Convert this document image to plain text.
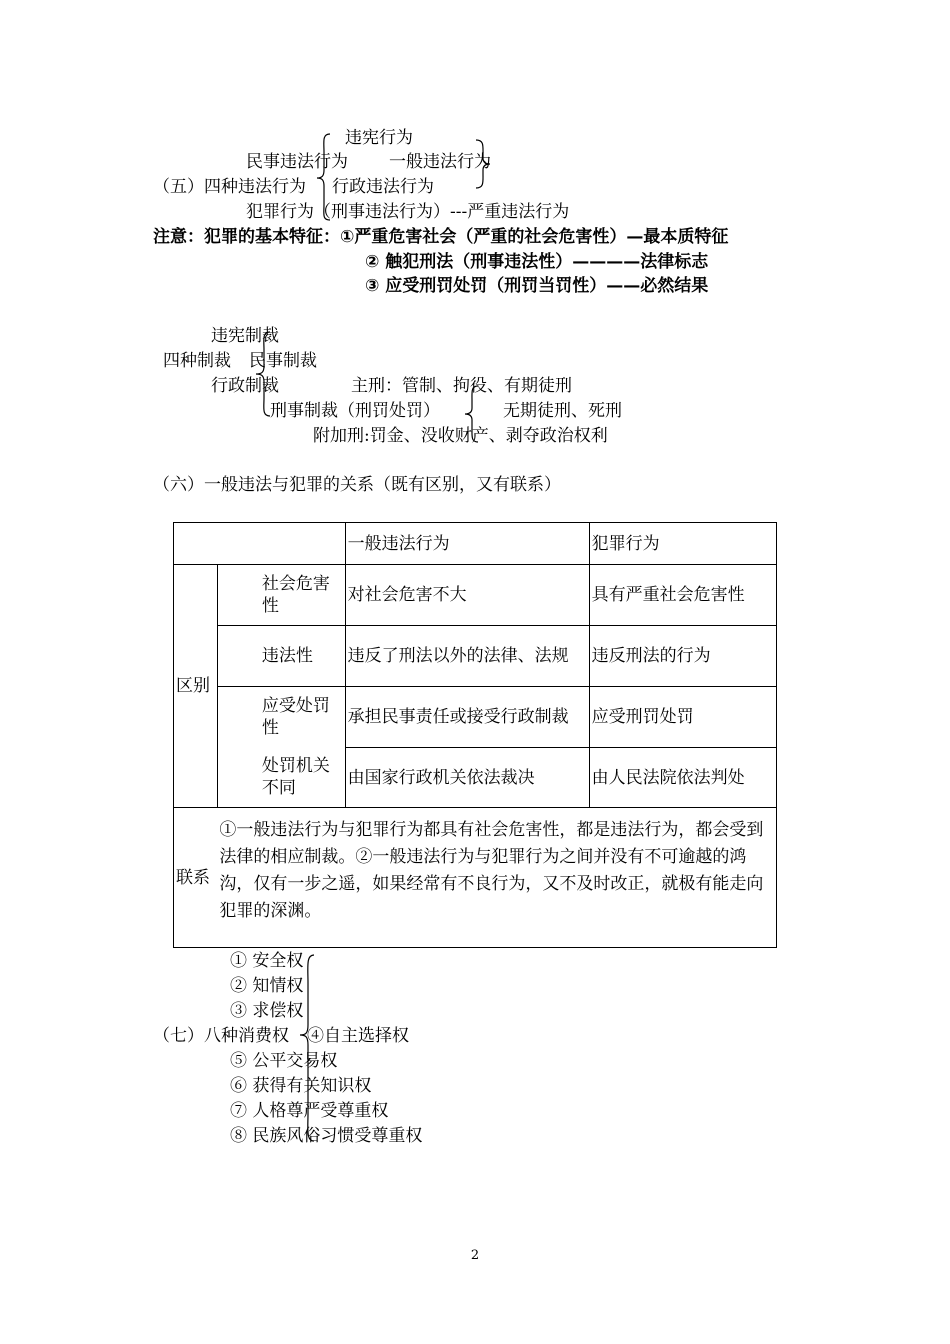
违宪行为
民事违法行为 一般违法行为
（五）四种违法行为 行政违法行为
犯罪行为（刑事违法行为）---严重违法行为
注意：犯罪的基本特征：①严重危害社会（严重的社会危害性）—最本质特征
② 触犯刑法（刑事违法性）————法律标志
③ 应受刑罚处罚（刑罚当罚性）——必然结果
违宪制裁
四种制裁 民事制裁
行政制裁	主刑：管制、拘役、有期徒刑
刑事制裁（刑罚处罚）	无期徒刑、死刑
附加刑:罚金、没收财产、剥夺政治权利
（六）一般违法与犯罪的关系（既有区别，又有联系）
		一般违法行为	犯罪行为
区别	社会危害性	对社会危害不大	具有严重社会危害性
	违法性	违反了刑法以外的法律、法规	违反刑法的行为
	应受处罚性	承担民事责任或接受行政制裁	应受刑罚处罚
	处罚机关不同	由国家行政机关依法裁决	由人民法院依法判处
联系	①一般违法行为与犯罪行为都具有社会危害性，都是违法行为，都会受到法律的相应制裁。②一般违法行为与犯罪行为之间并没有不可逾越的鸿沟，仅有一步之遥，如果经常有不良行为，又不及时改正，就极有能走向犯罪的深渊。		
（七）八种消费权
① 安全权
② 知情权
③ 求偿权
④自主选择权
⑤ 公平交易权
⑥ 获得有关知识权
⑦ 人格尊严受尊重权
⑧ 民族风俗习惯受尊重权
2
